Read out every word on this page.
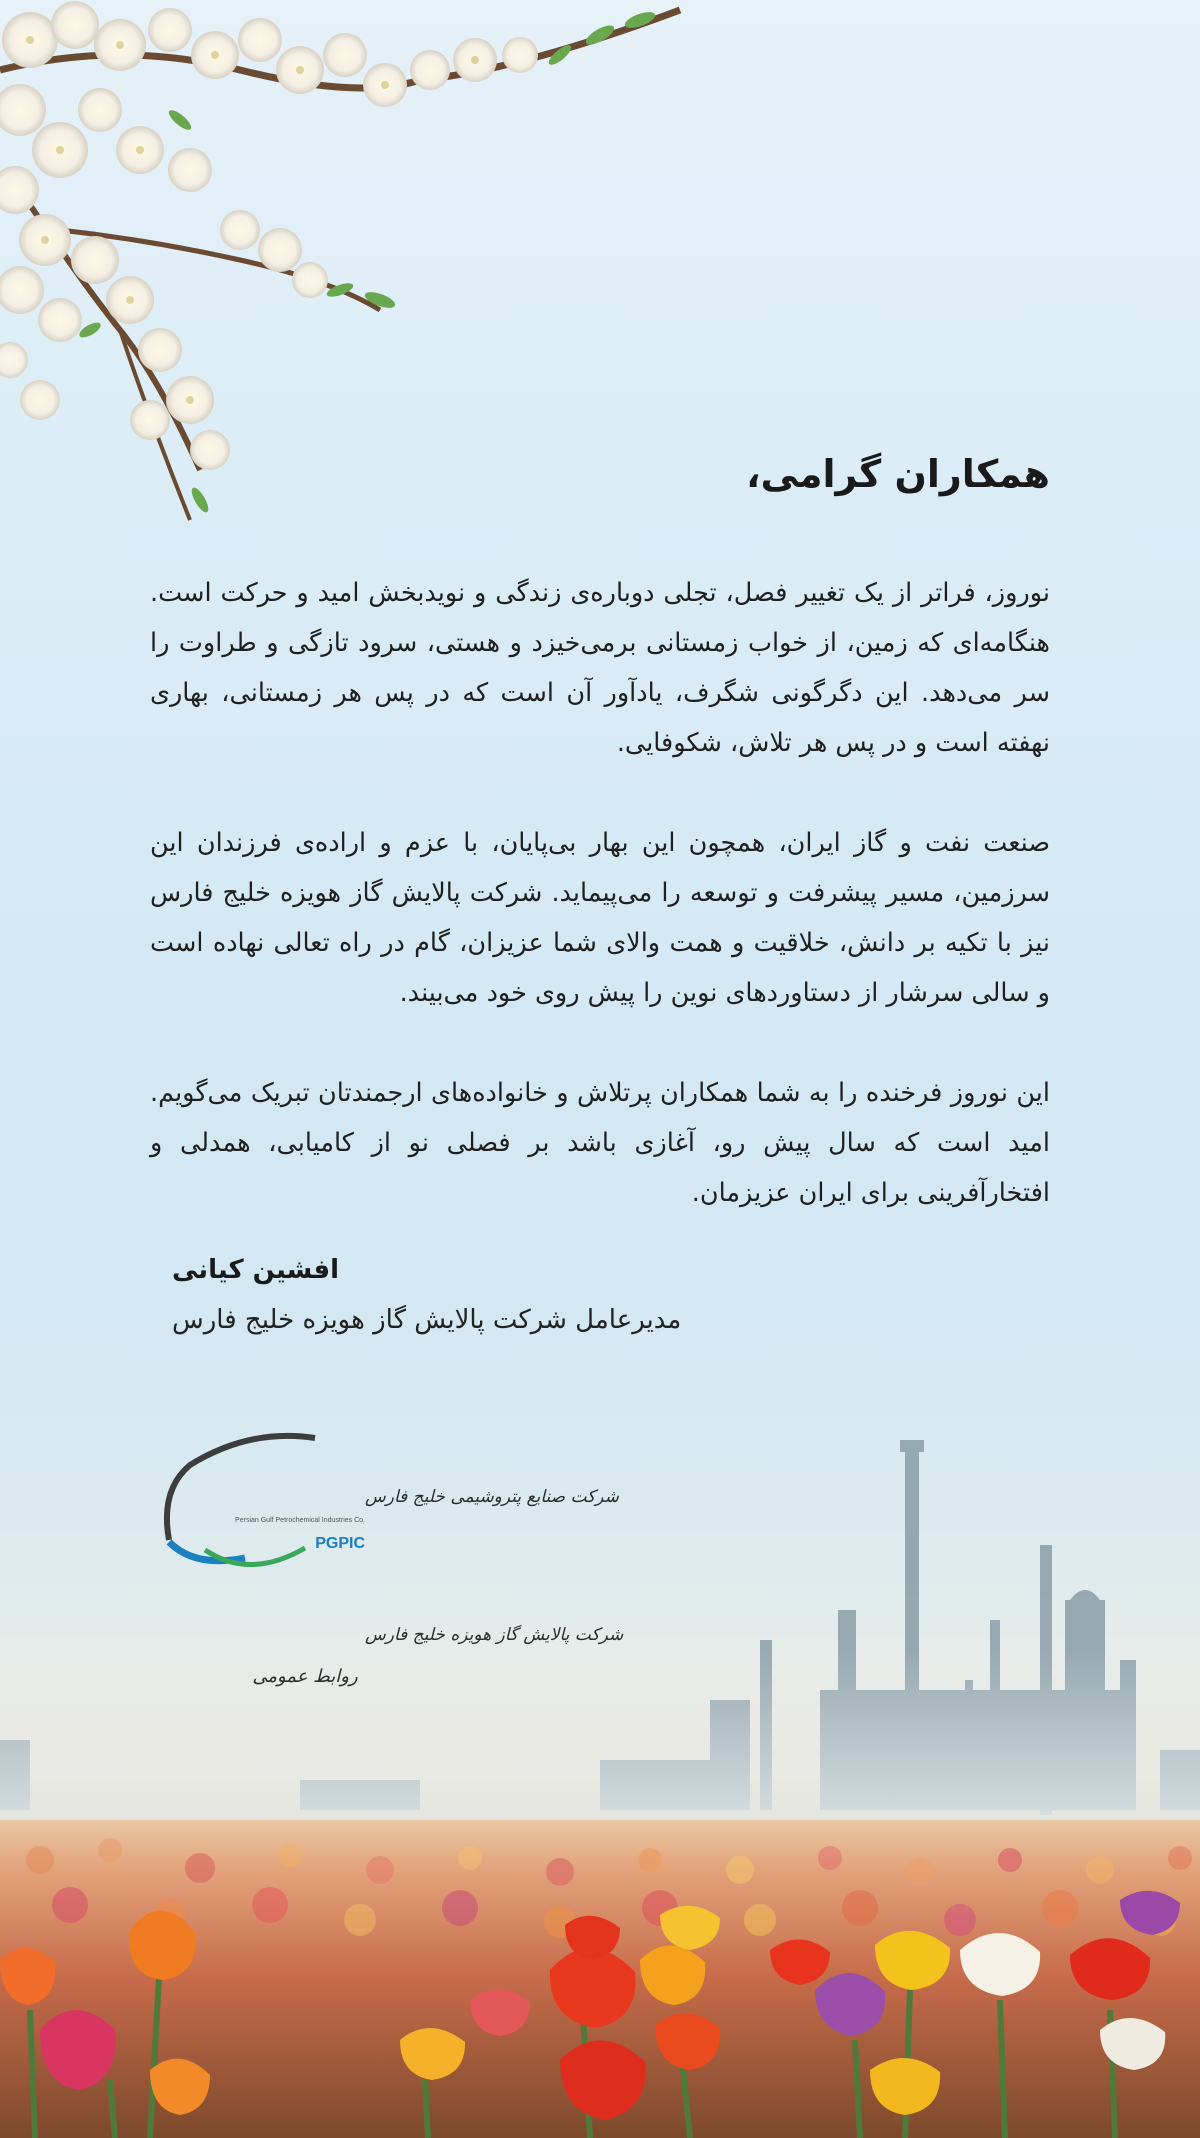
همکاران گرامی،
نوروز، فراتر از یک تغییر فصل، تجلی دوباره‌ی زندگی و نویدبخش امید و حرکت است. هنگامه‌ای که زمین، از خواب زمستانی برمی‌خیزد و هستی، سرود تازگی و طراوت را سر می‌دهد. این دگرگونی شگرف، یادآور آن است که در پس هر زمستانی، بهاری نهفته است و در پس هر تلاش، شکوفایی.
صنعت نفت و گاز ایران، همچون این بهار بی‌پایان، با عزم و اراده‌ی فرزندان این سرزمین، مسیر پیشرفت و توسعه را می‌پیماید. شرکت پالایش گاز هویزه خلیج فارس نیز با تکیه بر دانش، خلاقیت و همت والای شما عزیزان، گام در راه تعالی نهاده است و سالی سرشار از دستاوردهای نوین را پیش روی خود می‌بیند.
این نوروز فرخنده را به شما همکاران پرتلاش و خانواده‌های ارجمندتان تبریک می‌گویم. امید است که سال پیش رو، آغازی باشد بر فصلی نو از کامیابی، همدلی و افتخارآفرینی برای ایران عزیزمان.
افشین کیانی
مدیرعامل شرکت پالایش گاز هویزه خلیج فارس
شرکت صنایع پتروشیمی خلیج فارس
Persian Gulf Petrochemical Industries Co.
PGPIC
شرکت پالایش گاز هویزه خلیج فارس
روابط عمومی
